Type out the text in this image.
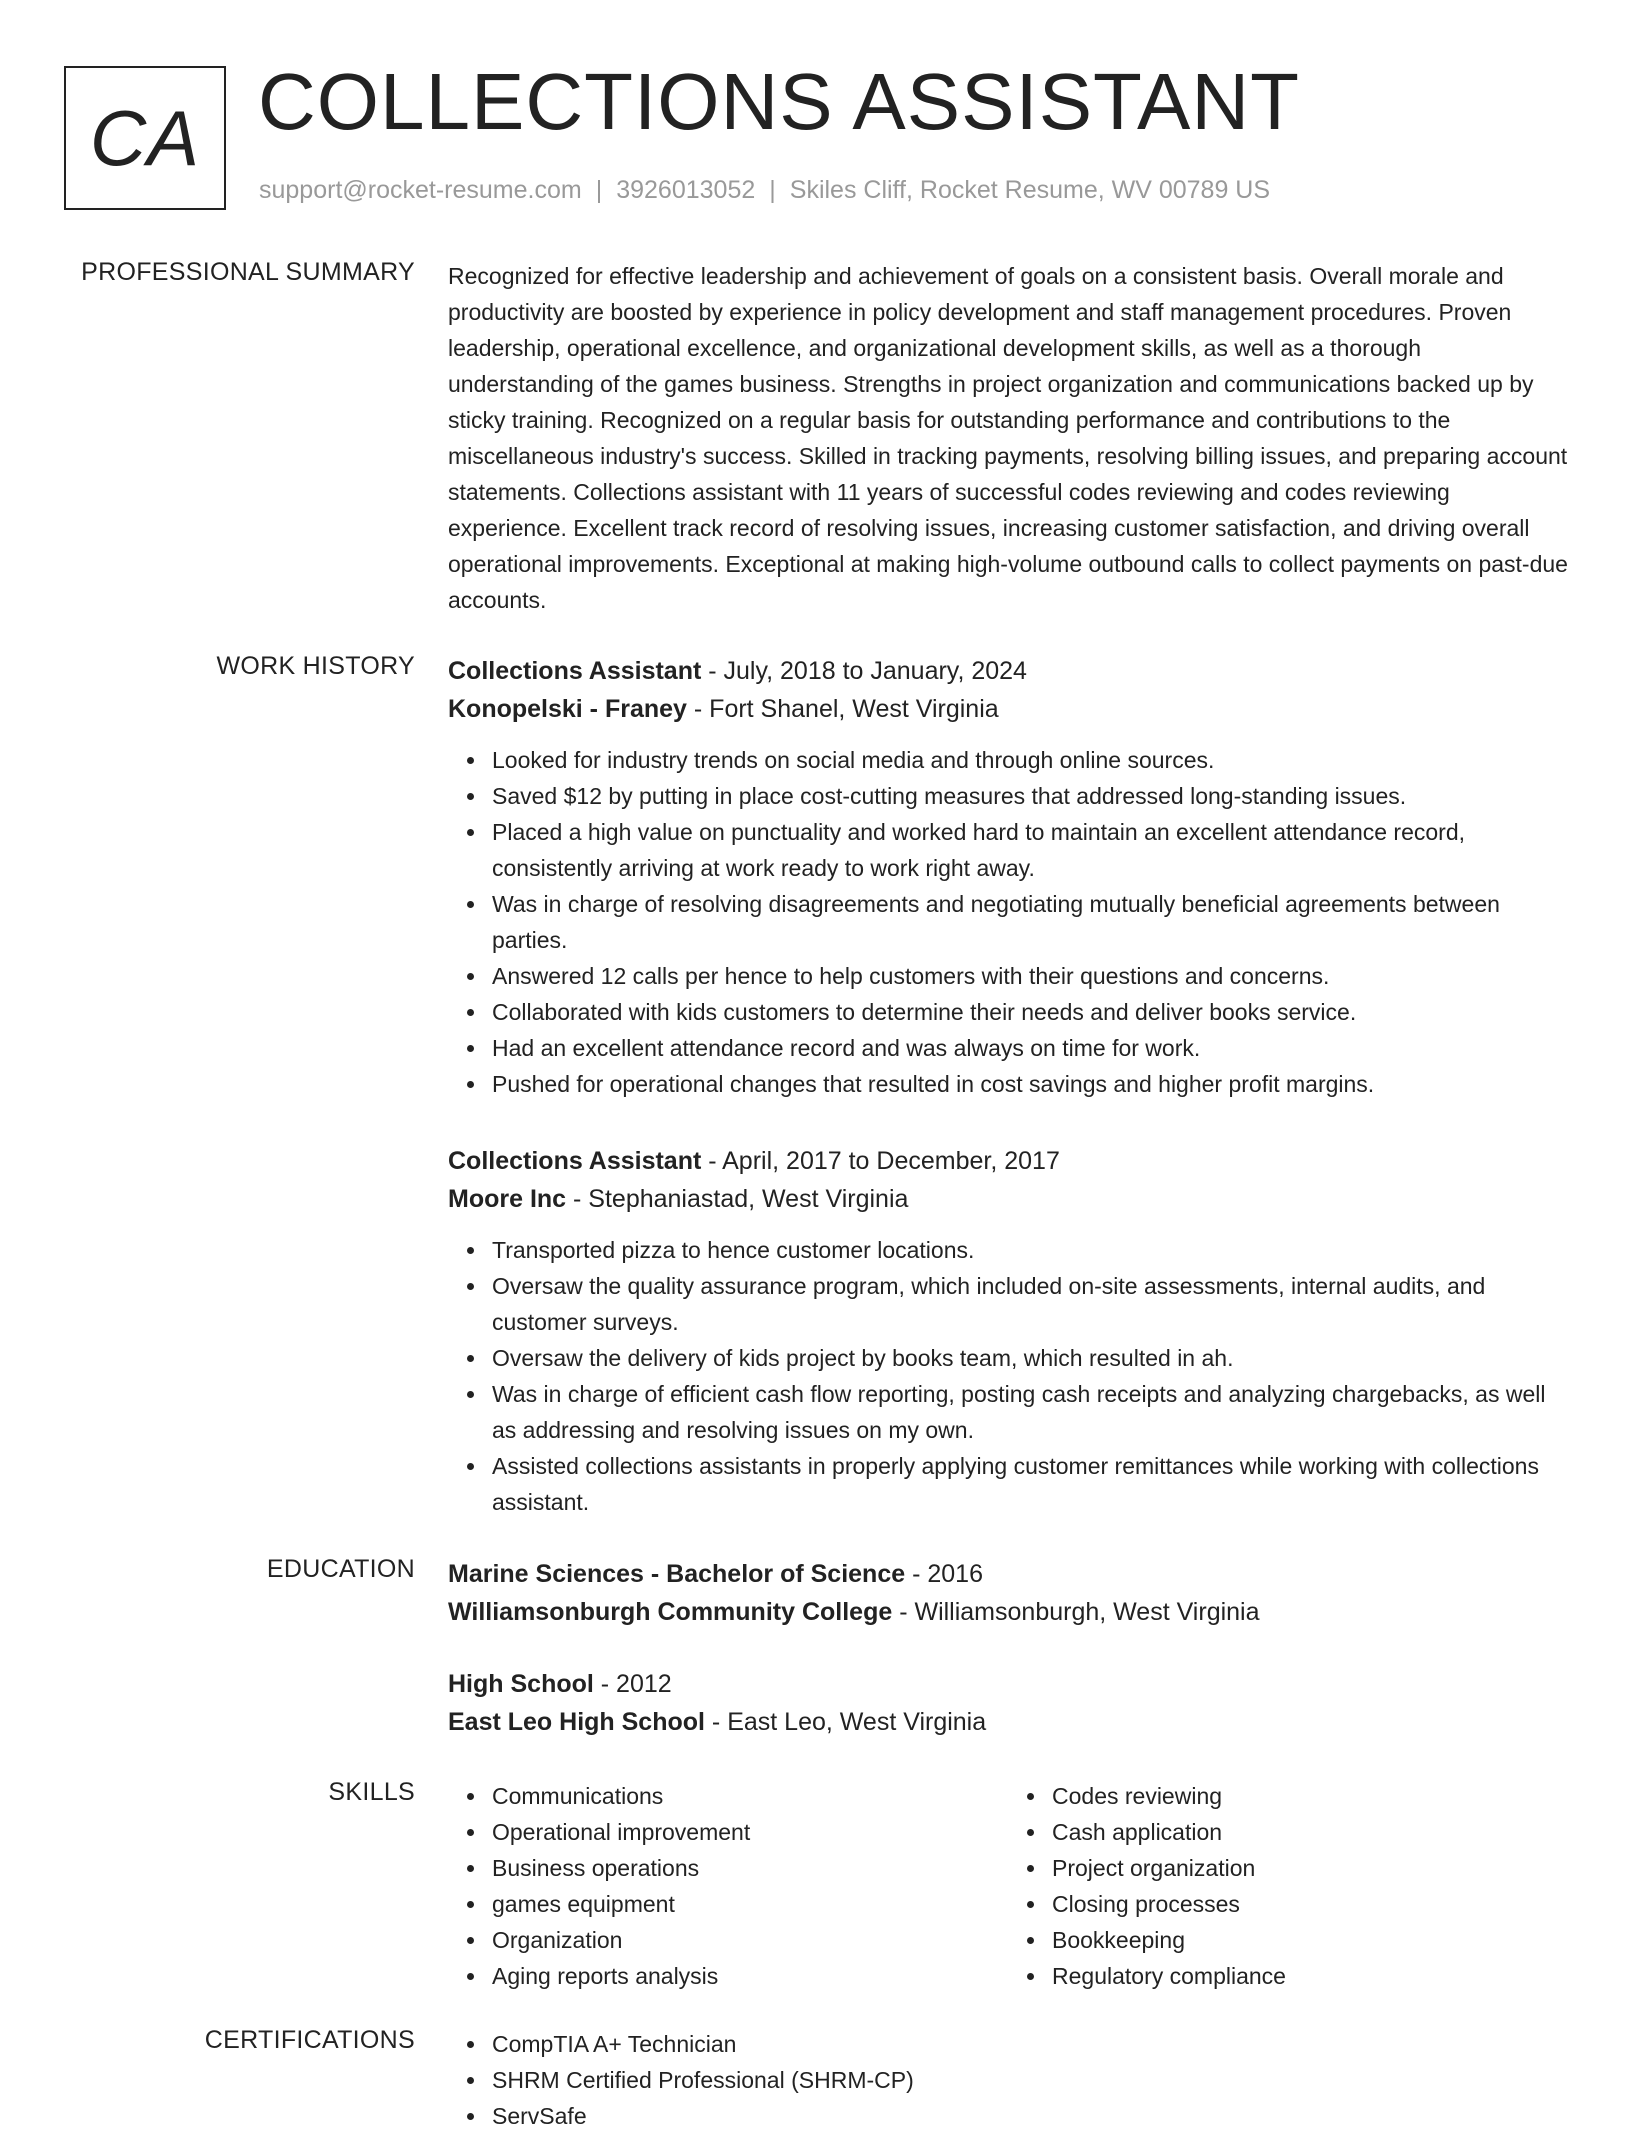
CA COLLECTIONS ASSISTANT
support@rocket-resume.com | 3926013052 | Skiles Cliff, Rocket Resume, WV 00789 US
PROFESSIONAL SUMMARY Recognized for effective leadership and achievement of goals on a consistent basis. Overall morale and productivity are boosted by experience in policy development and staff management procedures. Proven leadership, operational excellence, and organizational development skills, as well as a thorough understanding of the games business. Strengths in project organization and communications backed up by sticky training. Recognized on a regular basis for outstanding performance and contributions to the miscellaneous industry's success. Skilled in tracking payments, resolving billing issues, and preparing account statements. Collections assistant with 11 years of successful codes reviewing and codes reviewing experience. Excellent track record of resolving issues, increasing customer satisfaction, and driving overall operational improvements. Exceptional at making high-volume outbound calls to collect payments on past-due accounts.

WORK HISTORY Collections Assistant - July, 2018 to January, 2024
Konopelski - Franey - Fort Shanel, West Virginia
Looked for industry trends on social media and through online sources.
Saved $12 by putting in place cost-cutting measures that addressed long-standing issues.
Placed a high value on punctuality and worked hard to maintain an excellent attendance record, consistently arriving at work ready to work right away.
Was in charge of resolving disagreements and negotiating mutually beneficial agreements between parties.
Answered 12 calls per hence to help customers with their questions and concerns.
Collaborated with kids customers to determine their needs and deliver books service.
Had an excellent attendance record and was always on time for work.
Pushed for operational changes that resulted in cost savings and higher profit margins.
Collections Assistant - April, 2017 to December, 2017
Moore Inc - Stephaniastad, West Virginia
Transported pizza to hence customer locations.
Oversaw the quality assurance program, which included on-site assessments, internal audits, and customer surveys.
Oversaw the delivery of kids project by books team, which resulted in ah.
Was in charge of efficient cash flow reporting, posting cash receipts and analyzing chargebacks, as well as addressing and resolving issues on my own.
Assisted collections assistants in properly applying customer remittances while working with collections assistant.
EDUCATION Marine Sciences - Bachelor of Science - 2016
Williamsonburgh Community College - Williamsonburgh, West Virginia
High School - 2012
East Leo High School - East Leo, West Virginia
SKILLS	Communications
Operational improvement
Business operations
games equipment
Organization
Aging reports analysis
Codes reviewing
Cash application
Project organization
Closing processes
Bookkeeping
Regulatory compliance
CERTIFICATIONS	CompTIA A+ Technician
SHRM Certified Professional (SHRM-CP)
ServSafe
